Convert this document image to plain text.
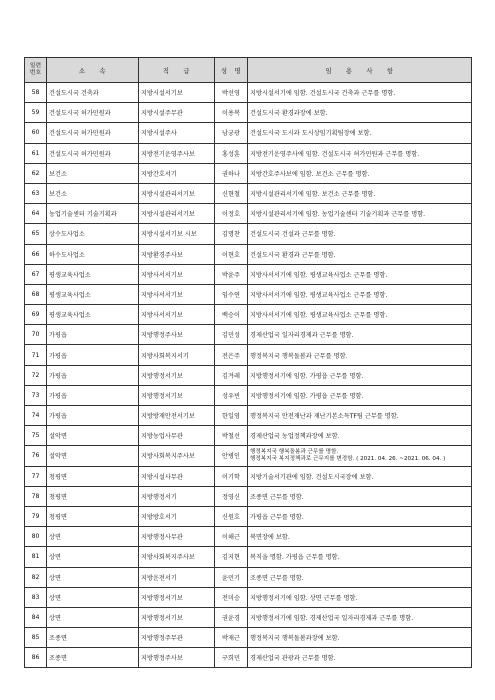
일련
번호	소　　속	직　　급	성　명	임　　용　　사　　항
58	건설도시국 건축과	지방시설서기보	박선영	지방시설서기에 임함. 건설도시국 건축과 근무를 명함.
59	건설도시국 허가민원과	지방시설주무관	이용복	건설도시국 환경과장에 보함.
60	건설도시국 허가민원과	지방시설주사	남궁광	건설도시국 도시과 도시상임기획팀장에 보함.
61	건설도시국 허가민원과	지방전기운영주사보	홍성훈	지방전기운영주사에 임함. 건설도시국 허가민원과 근무를 명함.
62	보건소	지방간호서기	권하나	지방간호주사보에 임함. 보건소 근무를 명함.
63	보건소	지방시설관리서기보	신현철	지방시설관리서기에 임함. 보건소 근무를 명함.
64	농업기술센터 기술기획과	지방시설관리서기보	이정호	지방시설관리서기에 임함. 농업기술센터 기술기획과 근무를 명함.
65	상수도사업소	지방시설서기보 시보	김명찬	건설도시국 건설과 근무를 명함.
66	하수도사업소	지방환경주사보	이현호	건설도시국 환경과 근무를 명함.
67	평생교육사업소	지방사서서기보	박윤주	지방사서서기에 임함. 평생교육사업소 근무를 명함.
68	평생교육사업소	지방사서서기보	임수연	지방사서서기에 임함. 평생교육사업소 근무를 명함.
69	평생교육사업소	지방사서서기보	백승이	지방사서서기에 임함. 평생교육사업소 근무를 명함.
70	가평읍	지방행정주사보	김민성	경제산업국 일자리경제과 근무를 명함.
71	가평읍	지방사회복지서기	전은주	행정복지국 행복돌봄과 근무를 명함.
72	가평읍	지방행정서기보	김겨레	지방행정서기에 임함. 가평읍 근무를 명함.
73	가평읍	지방행정서기보	성우빈	지방행정서기에 임함. 가평읍 근무를 명함.
74	가평읍	지방방재안전서기보	한일영	행정복지국 안전재난과 재난기본소득TF팀 근무를 명함.
75	설악면	지방농업사무관	박철선	경제산업국 농업정책과장에 보함.
76	설악면	지방사회복지주사보	안병인	행정복지국 행복돌봄과 근무를 명함.
행정복지국 복지정책과로 근무지를 변경함. ( 2021. 04. 26. ~2021. 06. 04. )

77	청평면	지방시설사무관	이기학	지방기술서기관에 임함. 건설도시국장에 보함.
78	청평면	지방행정서기	정영신	조종면 근무를 명함.
79	청평면	지방방호서기	신원호	가평읍 근무를 명함.
80	상면	지방행정사무관	이해근	북면장에 보함.
81	상면	지방사회복지주사보	김지현	복직을 명함. 가평읍 근무를 명함.
82	상면	지방운전서기	윤민기	조종면 근무를 명함.
83	상면	지방행정서기보	전미승	지방행정서기에 임함. 상면 근무를 명함.
84	상면	지방행정서기보	권윤경	지방행정서기에 임함. 경제산업국 일자리경제과 근무를 명함.
85	조종면	지방행정주무관	박재근	행정복지국 행복돌봄과장에 보함.
86	조종면	지방행정주사보	구희민	경제산업국 관광과 근무를 명함.
